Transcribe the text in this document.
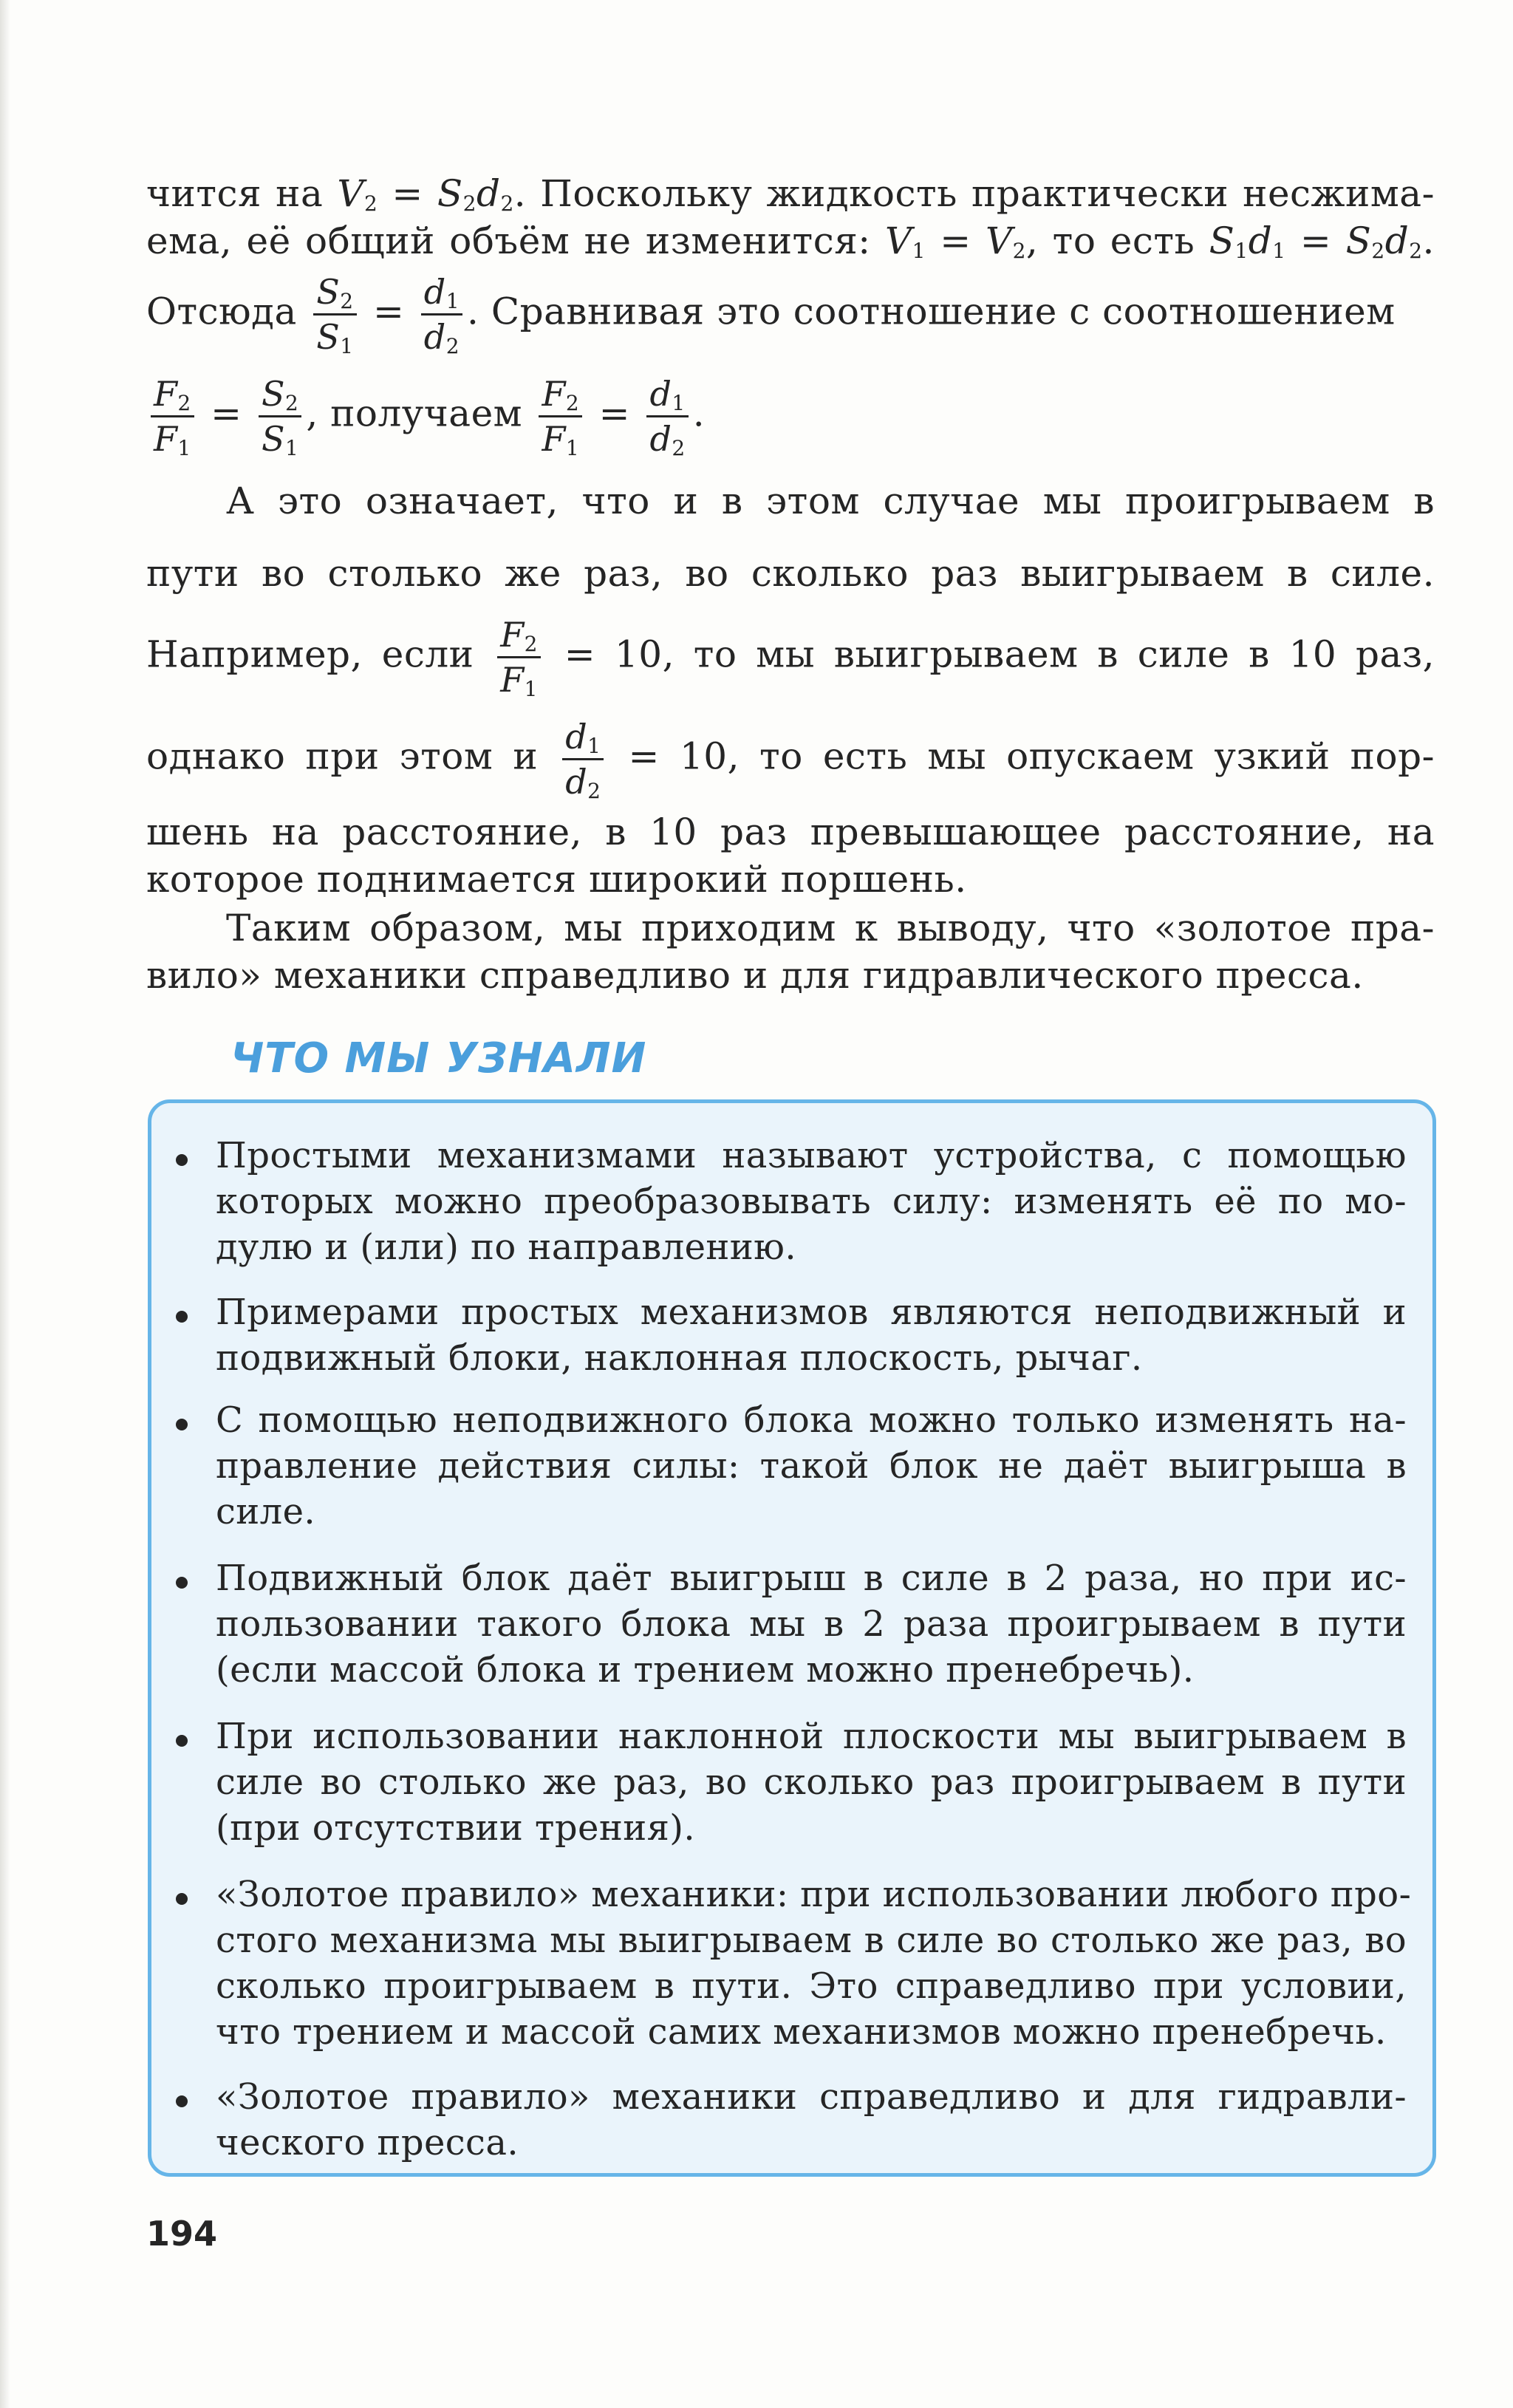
чится на $V_2 = S_2d_2$. Поскольку жидкость практически несжима-
ема, её общий объём не изменится: $V_1 = V_2$, то есть $S_1d_1 = S_2d_2$.
Отсюда $\frac{S_2}{S_1} = \frac{d_1}{d_2}$ . Сравнивая это соотношение с соотношением
$\frac{F_2}{F_1} = \frac{S_2}{S_1}$ , получаем $\frac{F_2}{F_1} = \frac{d_1}{d_2}$ .
А это означает, что и в этом случае мы проигрываем в
пути во столько же раз, во сколько раз выигрываем в силе.
Например, если $\frac{F_2}{F_1} = 10$, то мы выигрываем в силе в 10 раз,
однако при этом и $\frac{d_1}{d_2} = 10$, то есть мы опускаем узкий пор-
шень на расстояние, в 10 раз превышающее расстояние, на
которое поднимается широкий поршень.
Таким образом, мы приходим к выводу, что «золотое пра-
вило» механики справедливо и для гидравлического пресса.
ЧТО МЫ УЗНАЛИ
Простыми механизмами называют устройства, с помощью
которых можно преобразовывать силу: изменять её по мо-
дулю и (или) по направлению.
Примерами простых механизмов являются неподвижный и
подвижный блоки, наклонная плоскость, рычаг.
С помощью неподвижного блока можно только изменять на-
правление действия силы: такой блок не даёт выигрыша в
силе.
Подвижный блок даёт выигрыш в силе в 2 раза, но при ис-
пользовании такого блока мы в 2 раза проигрываем в пути
(если массой блока и трением можно пренебречь).
При использовании наклонной плоскости мы выигрываем в
силе во столько же раз, во сколько раз проигрываем в пути
(при отсутствии трения).
«Золотое правило» механики: при использовании любого про-
стого механизма мы выигрываем в силе во столько же раз, во
сколько проигрываем в пути. Это справедливо при условии,
что трением и массой самих механизмов можно пренебречь.
«Золотое правило» механики справедливо и для гидравли-
ческого пресса.
194
